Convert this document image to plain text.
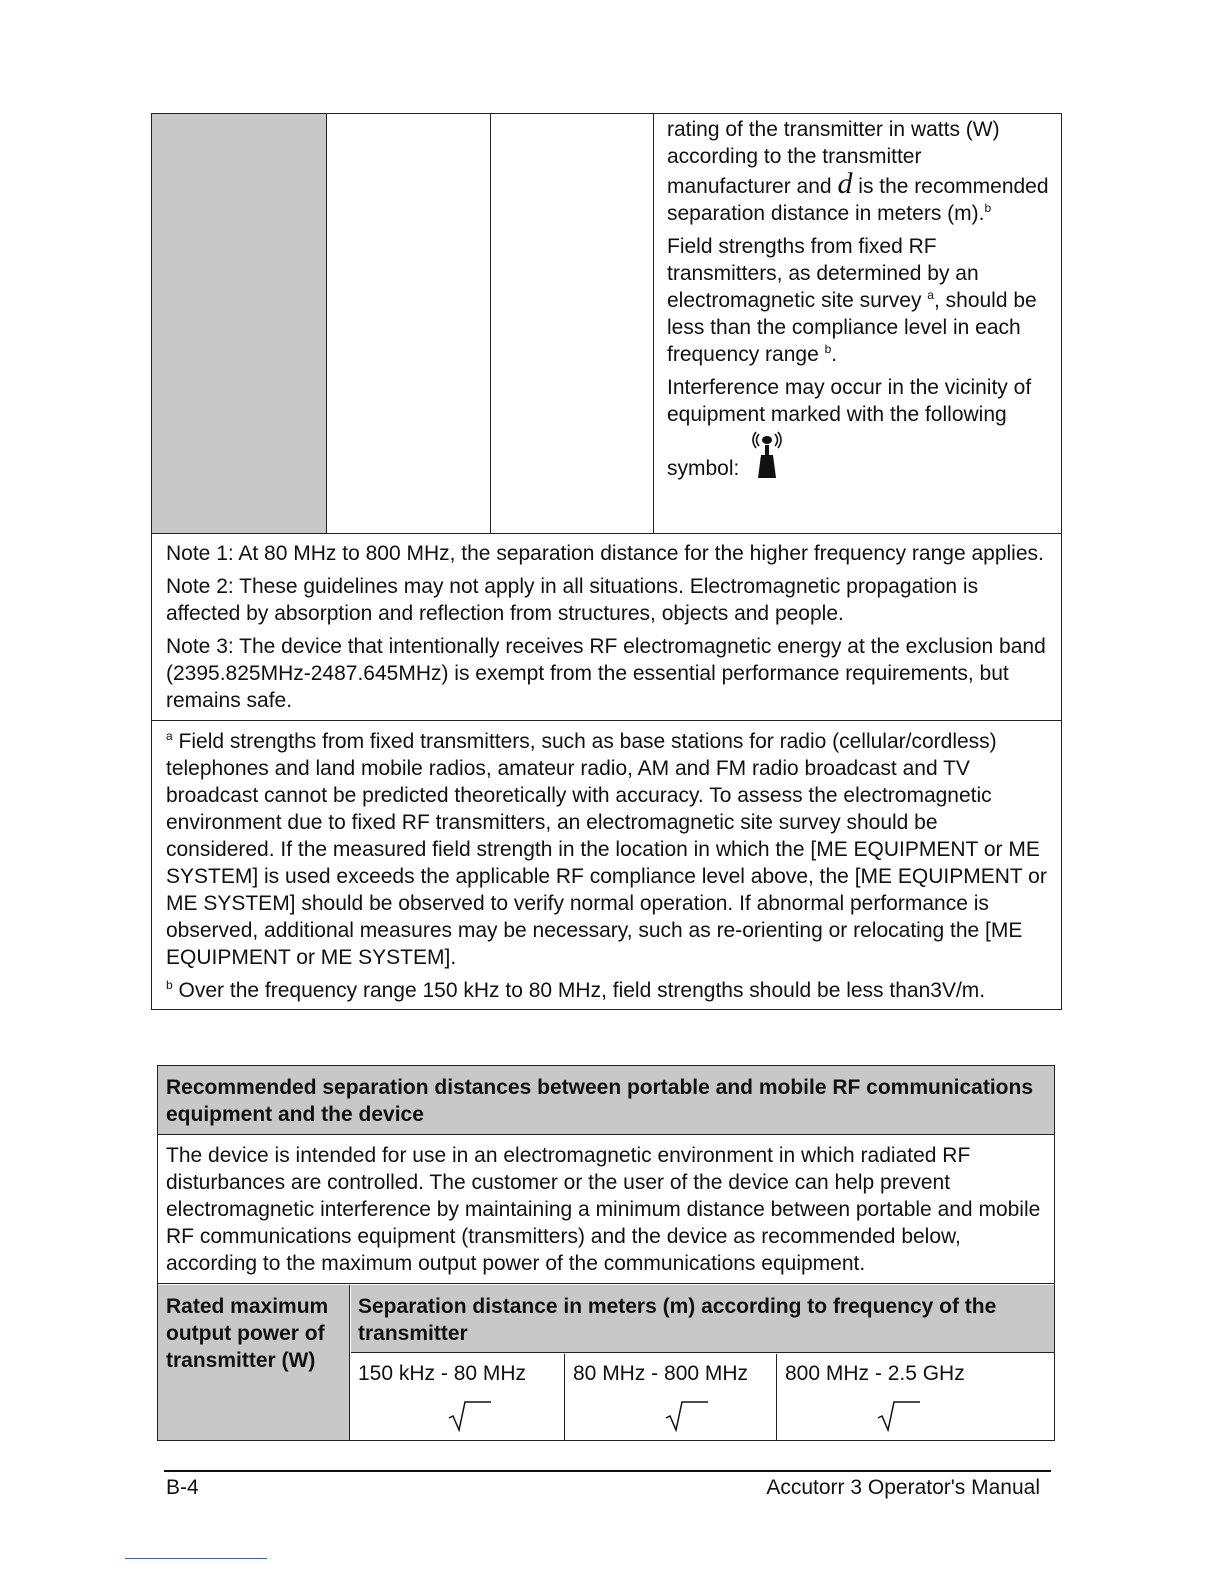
rating of the transmitter in watts (W) according to the transmitter manufacturer and d is the recommended separation distance in meters (m).$^b$

Field strengths from fixed RF transmitters, as determined by an electromagnetic site survey $^a$, should be less than the compliance level in each frequency range $^b$.

Interference may occur in the vicinity of equipment marked with the following

symbol:

Note 1: At 80 MHz to 800 MHz, the separation distance for the higher frequency range applies.

Note 2: These guidelines may not apply in all situations. Electromagnetic propagation is affected by absorption and reflection from structures, objects and people.

Note 3: The device that intentionally receives RF electromagnetic energy at the exclusion band (2395.825MHz-2487.645MHz) is exempt from the essential performance requirements, but remains safe.

$^a$ Field strengths from fixed transmitters, such as base stations for radio (cellular/cordless) telephones and land mobile radios, amateur radio, AM and FM radio broadcast and TV broadcast cannot be predicted theoretically with accuracy. To assess the electromagnetic environment due to fixed RF transmitters, an electromagnetic site survey should be considered. If the measured field strength in the location in which the [ME EQUIPMENT or ME SYSTEM] is used exceeds the applicable RF compliance level above, the [ME EQUIPMENT or ME SYSTEM] should be observed to verify normal operation. If abnormal performance is observed, additional measures may be necessary, such as re-orienting or relocating the [ME EQUIPMENT or ME SYSTEM].

$^b$ Over the frequency range 150 kHz to 80 MHz, field strengths should be less than3V/m.

Recommended separation distances between portable and mobile RF communications equipment and the device
The device is intended for use in an electromagnetic environment in which radiated RF disturbances are controlled. The customer or the user of the device can help prevent electromagnetic interference by maintaining a minimum distance between portable and mobile RF communications equipment (transmitters) and the device as recommended below, according to the maximum output power of the communications equipment.
Rated maximum output power of transmitter (W)
Separation distance in meters (m) according to frequency of the transmitter
150 kHz - 80 MHz	80 MHz - 800 MHz	800 MHz - 2.5 GHz
B-4	Accutorr 3 Operator's Manual
